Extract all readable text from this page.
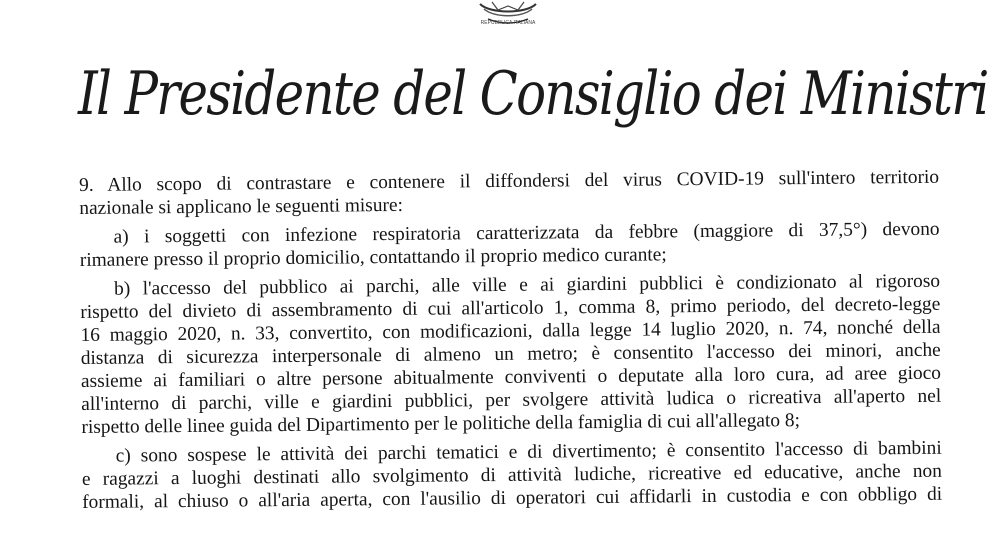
REPUBBLICA ITALIANA
Il Presidente del Consiglio dei Ministri

9. Allo scopo di contrastare e contenere il diffondersi del virus COVID-19 sull'intero territorio
nazionale si applicano le seguenti misure:

a) i soggetti con infezione respiratoria caratterizzata da febbre (maggiore di 37,5°) devono
rimanere presso il proprio domicilio, contattando il proprio medico curante;

b) l'accesso del pubblico ai parchi, alle ville e ai giardini pubblici è condizionato al rigoroso
rispetto del divieto di assembramento di cui all'articolo 1, comma 8, primo periodo, del decreto-legge
16 maggio 2020, n. 33, convertito, con modificazioni, dalla legge 14 luglio 2020, n. 74, nonché della
distanza di sicurezza interpersonale di almeno un metro; è consentito l'accesso dei minori, anche
assieme ai familiari o altre persone abitualmente conviventi o deputate alla loro cura, ad aree gioco
all'interno di parchi, ville e giardini pubblici, per svolgere attività ludica o ricreativa all'aperto nel
rispetto delle linee guida del Dipartimento per le politiche della famiglia di cui all'allegato 8;

c) sono sospese le attività dei parchi tematici e di divertimento; è consentito l'accesso di bambini
e ragazzi a luoghi destinati allo svolgimento di attività ludiche, ricreative ed educative, anche non
formali, al chiuso o all'aria aperta, con l'ausilio di operatori cui affidarli in custodia e con obbligo di
